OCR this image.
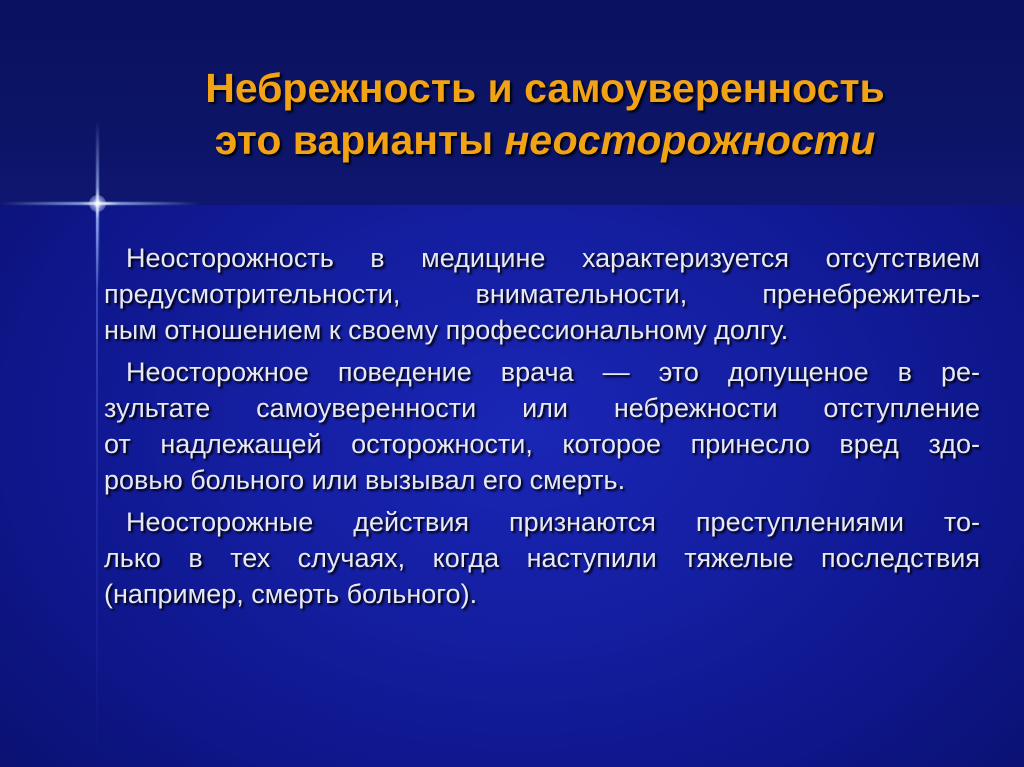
Небрежность и самоуверенность
это варианты неосторожности

Неосторожность в медицине характеризуется отсутствием
предусмотрительности, внимательности, пренебрежитель-
ным отношением к своему профессиональному долгу.

Неосторожное поведение врача — это допущеное в ре-
зультате самоуверенности или небрежности отступление
от надлежащей осторожности, которое принесло вред здо-
ровью больного или вызывал его смерть.

Неосторожные действия признаются преступлениями то-
лько в тех случаях, когда наступили тяжелые последствия
(например, смерть больного).
